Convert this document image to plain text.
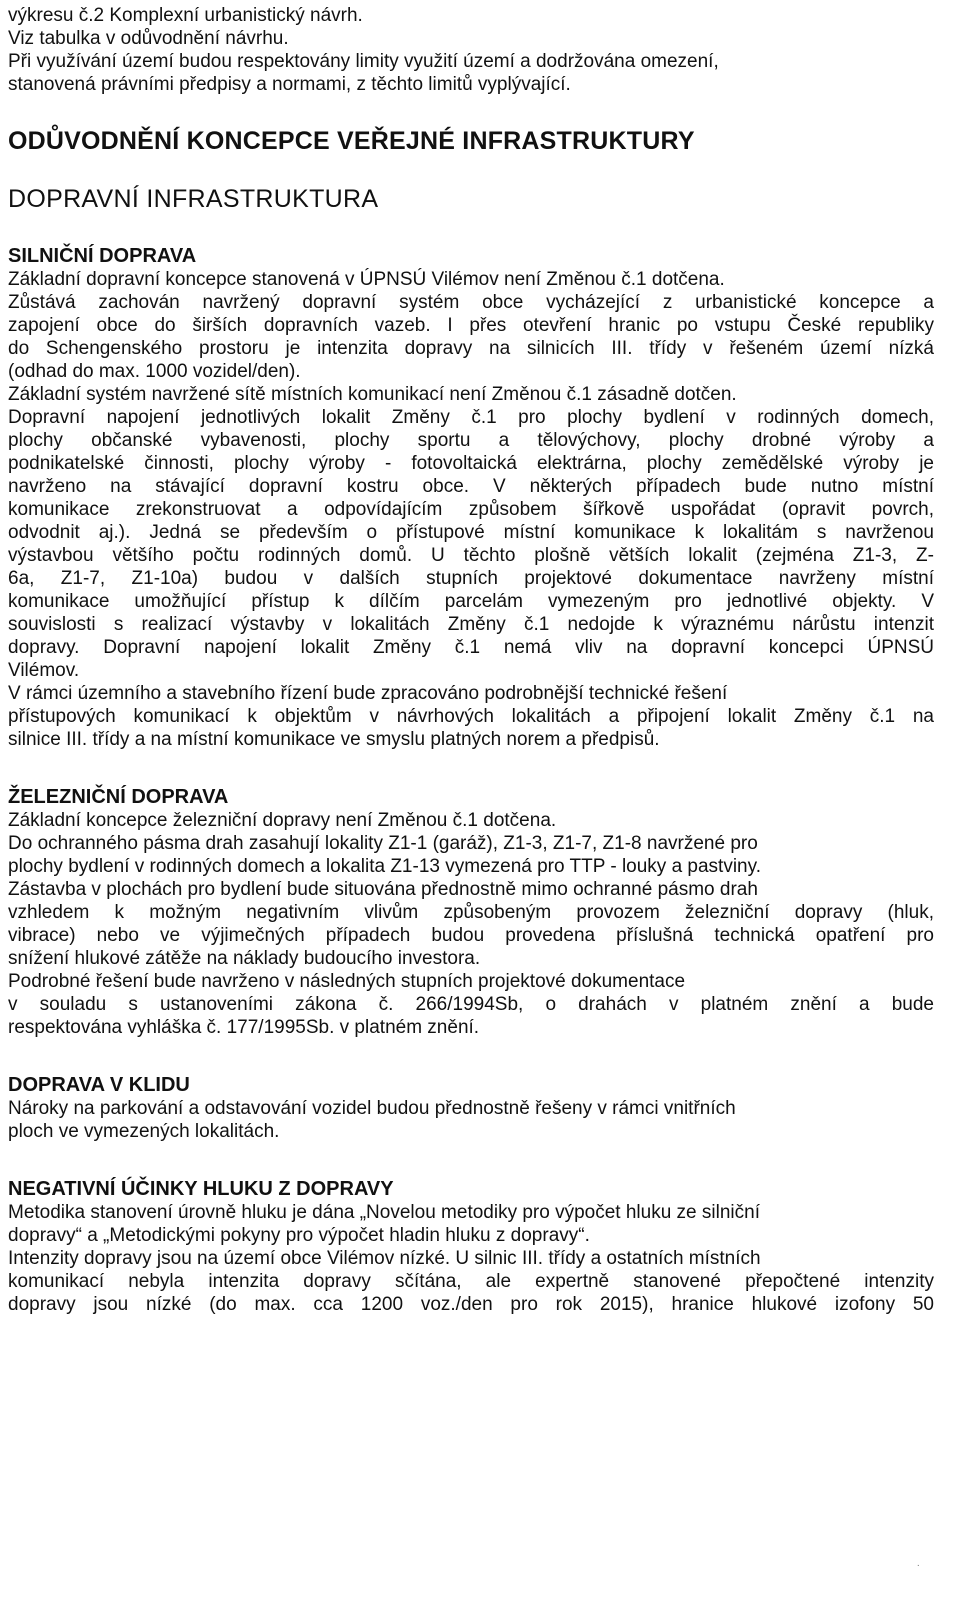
výkresu č.2 Komplexní urbanistický návrh.
Viz tabulka v odůvodnění návrhu.
Při využívání území budou respektovány limity využití území a dodržována omezení,
stanovená právními předpisy a normami, z těchto limitů vyplývající.
ODŮVODNĚNÍ KONCEPCE VEŘEJNÉ INFRASTRUKTURY
DOPRAVNÍ INFRASTRUKTURA
SILNIČNÍ DOPRAVA
Základní dopravní koncepce stanovená v ÚPNSÚ Vilémov není Změnou č.1 dotčena.
Zůstává zachován navržený dopravní systém obce vycházející z urbanistické koncepce a
zapojení obce do širších dopravních vazeb. I přes otevření hranic po vstupu České republiky
do Schengenského prostoru je intenzita dopravy na silnicích III. třídy v řešeném území nízká
(odhad do max. 1000 vozidel/den).
Základní systém navržené sítě místních komunikací není Změnou č.1 zásadně dotčen.
Dopravní napojení jednotlivých lokalit Změny č.1 pro plochy bydlení v rodinných domech,
plochy občanské vybavenosti, plochy sportu a tělovýchovy, plochy drobné výroby a
podnikatelské činnosti, plochy výroby - fotovoltaická elektrárna, plochy zemědělské výroby je
navrženo na stávající dopravní kostru obce. V některých případech bude nutno místní
komunikace zrekonstruovat a odpovídajícím způsobem šířkově uspořádat (opravit povrch,
odvodnit aj.). Jedná se především o přístupové místní komunikace k lokalitám s navrženou
výstavbou většího počtu rodinných domů. U těchto plošně větších lokalit (zejména Z1-3, Z-
6a, Z1-7, Z1-10a) budou v dalších stupních projektové dokumentace navrženy místní
komunikace umožňující přístup k dílčím parcelám vymezeným pro jednotlivé objekty. V
souvislosti s realizací výstavby v lokalitách Změny č.1 nedojde k výraznému nárůstu intenzit
dopravy. Dopravní napojení lokalit Změny č.1 nemá vliv na dopravní koncepci ÚPNSÚ
Vilémov.
V rámci územního a stavebního řízení bude zpracováno podrobnější technické řešení
přístupových komunikací k objektům v návrhových lokalitách a připojení lokalit Změny č.1 na
silnice III. třídy a na místní komunikace ve smyslu platných norem a předpisů.
ŽELEZNIČNÍ DOPRAVA
Základní koncepce železniční dopravy není Změnou č.1 dotčena.
Do ochranného pásma drah zasahují lokality Z1-1 (garáž), Z1-3, Z1-7, Z1-8 navržené pro
plochy bydlení v rodinných domech a lokalita Z1-13 vymezená pro TTP - louky a pastviny.
Zástavba v plochách pro bydlení bude situována přednostně mimo ochranné pásmo drah
vzhledem k možným negativním vlivům způsobeným provozem železniční dopravy (hluk,
vibrace) nebo ve výjimečných případech budou provedena příslušná technická opatření pro
snížení hlukové zátěže na náklady budoucího investora.
Podrobné řešení bude navrženo v následných stupních projektové dokumentace
v souladu s ustanoveními zákona č. 266/1994Sb, o drahách v platném znění a bude
respektována vyhláška č. 177/1995Sb. v platném znění.
DOPRAVA V KLIDU
Nároky na parkování a odstavování vozidel budou přednostně řešeny v rámci vnitřních
ploch ve vymezených lokalitách.
NEGATIVNÍ ÚČINKY HLUKU Z DOPRAVY
Metodika stanovení úrovně hluku je dána „Novelou metodiky pro výpočet hluku ze silniční
dopravy“ a „Metodickými pokyny pro výpočet hladin hluku z dopravy“.
Intenzity dopravy jsou na území obce Vilémov nízké. U silnic III. třídy a ostatních místních
komunikací nebyla intenzita dopravy sčítána, ale expertně stanovené přepočtené intenzity
dopravy jsou nízké (do max. cca 1200 voz./den pro rok 2015), hranice hlukové izofony 50
·
